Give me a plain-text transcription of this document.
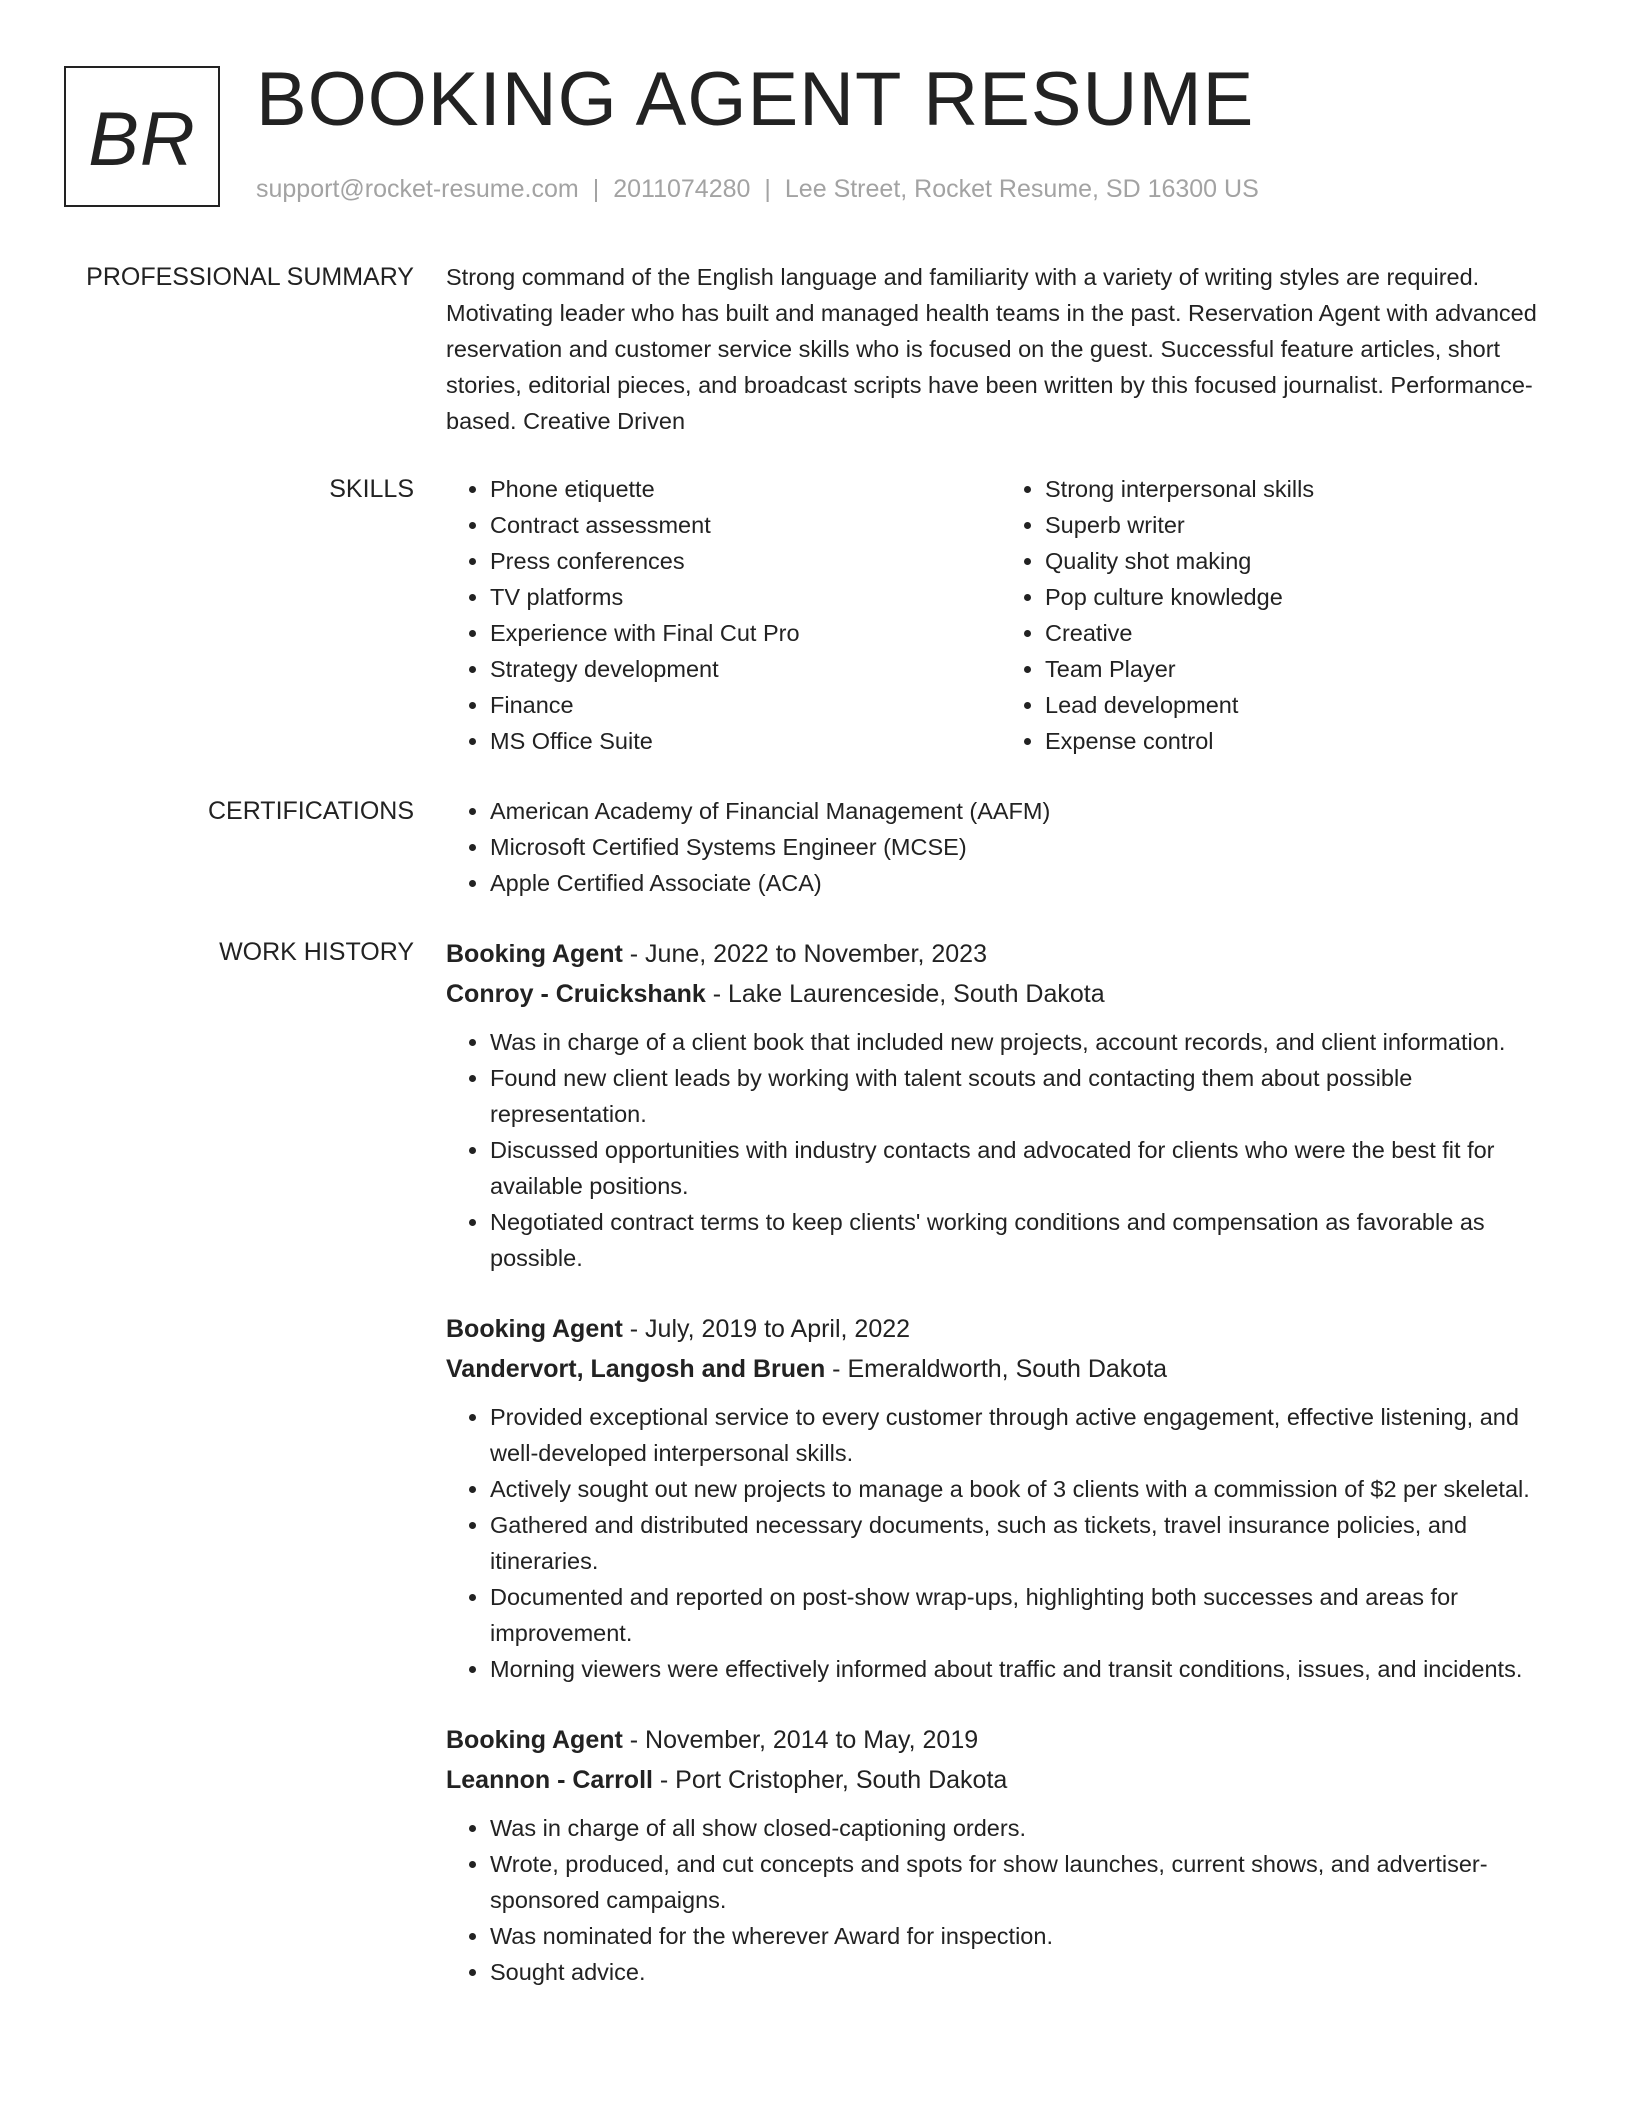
BR BOOKING AGENT RESUME
support@rocket-resume.com | 2011074280 | Lee Street, Rocket Resume, SD 16300 US
PROFESSIONAL SUMMARY Strong command of the English language and familiarity with a variety of writing styles are required. Motivating leader who has built and managed health teams in the past. Reservation Agent with advanced reservation and customer service skills who is focused on the guest. Successful feature articles, short stories, editorial pieces, and broadcast scripts have been written by this focused journalist. Performance-based. Creative Driven

SKILLS	• Phone etiquette
• Contract assessment
• Press conferences
• TV platforms
• Experience with Final Cut Pro
• Strategy development
• Finance
• MS Office Suite
• Strong interpersonal skills
• Superb writer
• Quality shot making
• Pop culture knowledge
• Creative
• Team Player
• Lead development
• Expense control
CERTIFICATIONS	• American Academy of Financial Management (AAFM)
• Microsoft Certified Systems Engineer (MCSE)
• Apple Certified Associate (ACA)
WORK HISTORY Booking Agent - June, 2022 to November, 2023
Conroy - Cruickshank - Lake Laurenceside, South Dakota
• Was in charge of a client book that included new projects, account records, and client information.
• Found new client leads by working with talent scouts and contacting them about possible representation.
• Discussed opportunities with industry contacts and advocated for clients who were the best fit for available positions.
• Negotiated contract terms to keep clients' working conditions and compensation as favorable as possible.
Booking Agent - July, 2019 to April, 2022
Vandervort, Langosh and Bruen - Emeraldworth, South Dakota
• Provided exceptional service to every customer through active engagement, effective listening, and well-developed interpersonal skills.
• Actively sought out new projects to manage a book of 3 clients with a commission of $2 per skeletal.
• Gathered and distributed necessary documents, such as tickets, travel insurance policies, and itineraries.
• Documented and reported on post-show wrap-ups, highlighting both successes and areas for improvement.
• Morning viewers were effectively informed about traffic and transit conditions, issues, and incidents.
Booking Agent - November, 2014 to May, 2019
Leannon - Carroll - Port Cristopher, South Dakota
• Was in charge of all show closed-captioning orders.
• Wrote, produced, and cut concepts and spots for show launches, current shows, and advertiser-sponsored campaigns.
• Was nominated for the wherever Award for inspection.
• Sought advice.
